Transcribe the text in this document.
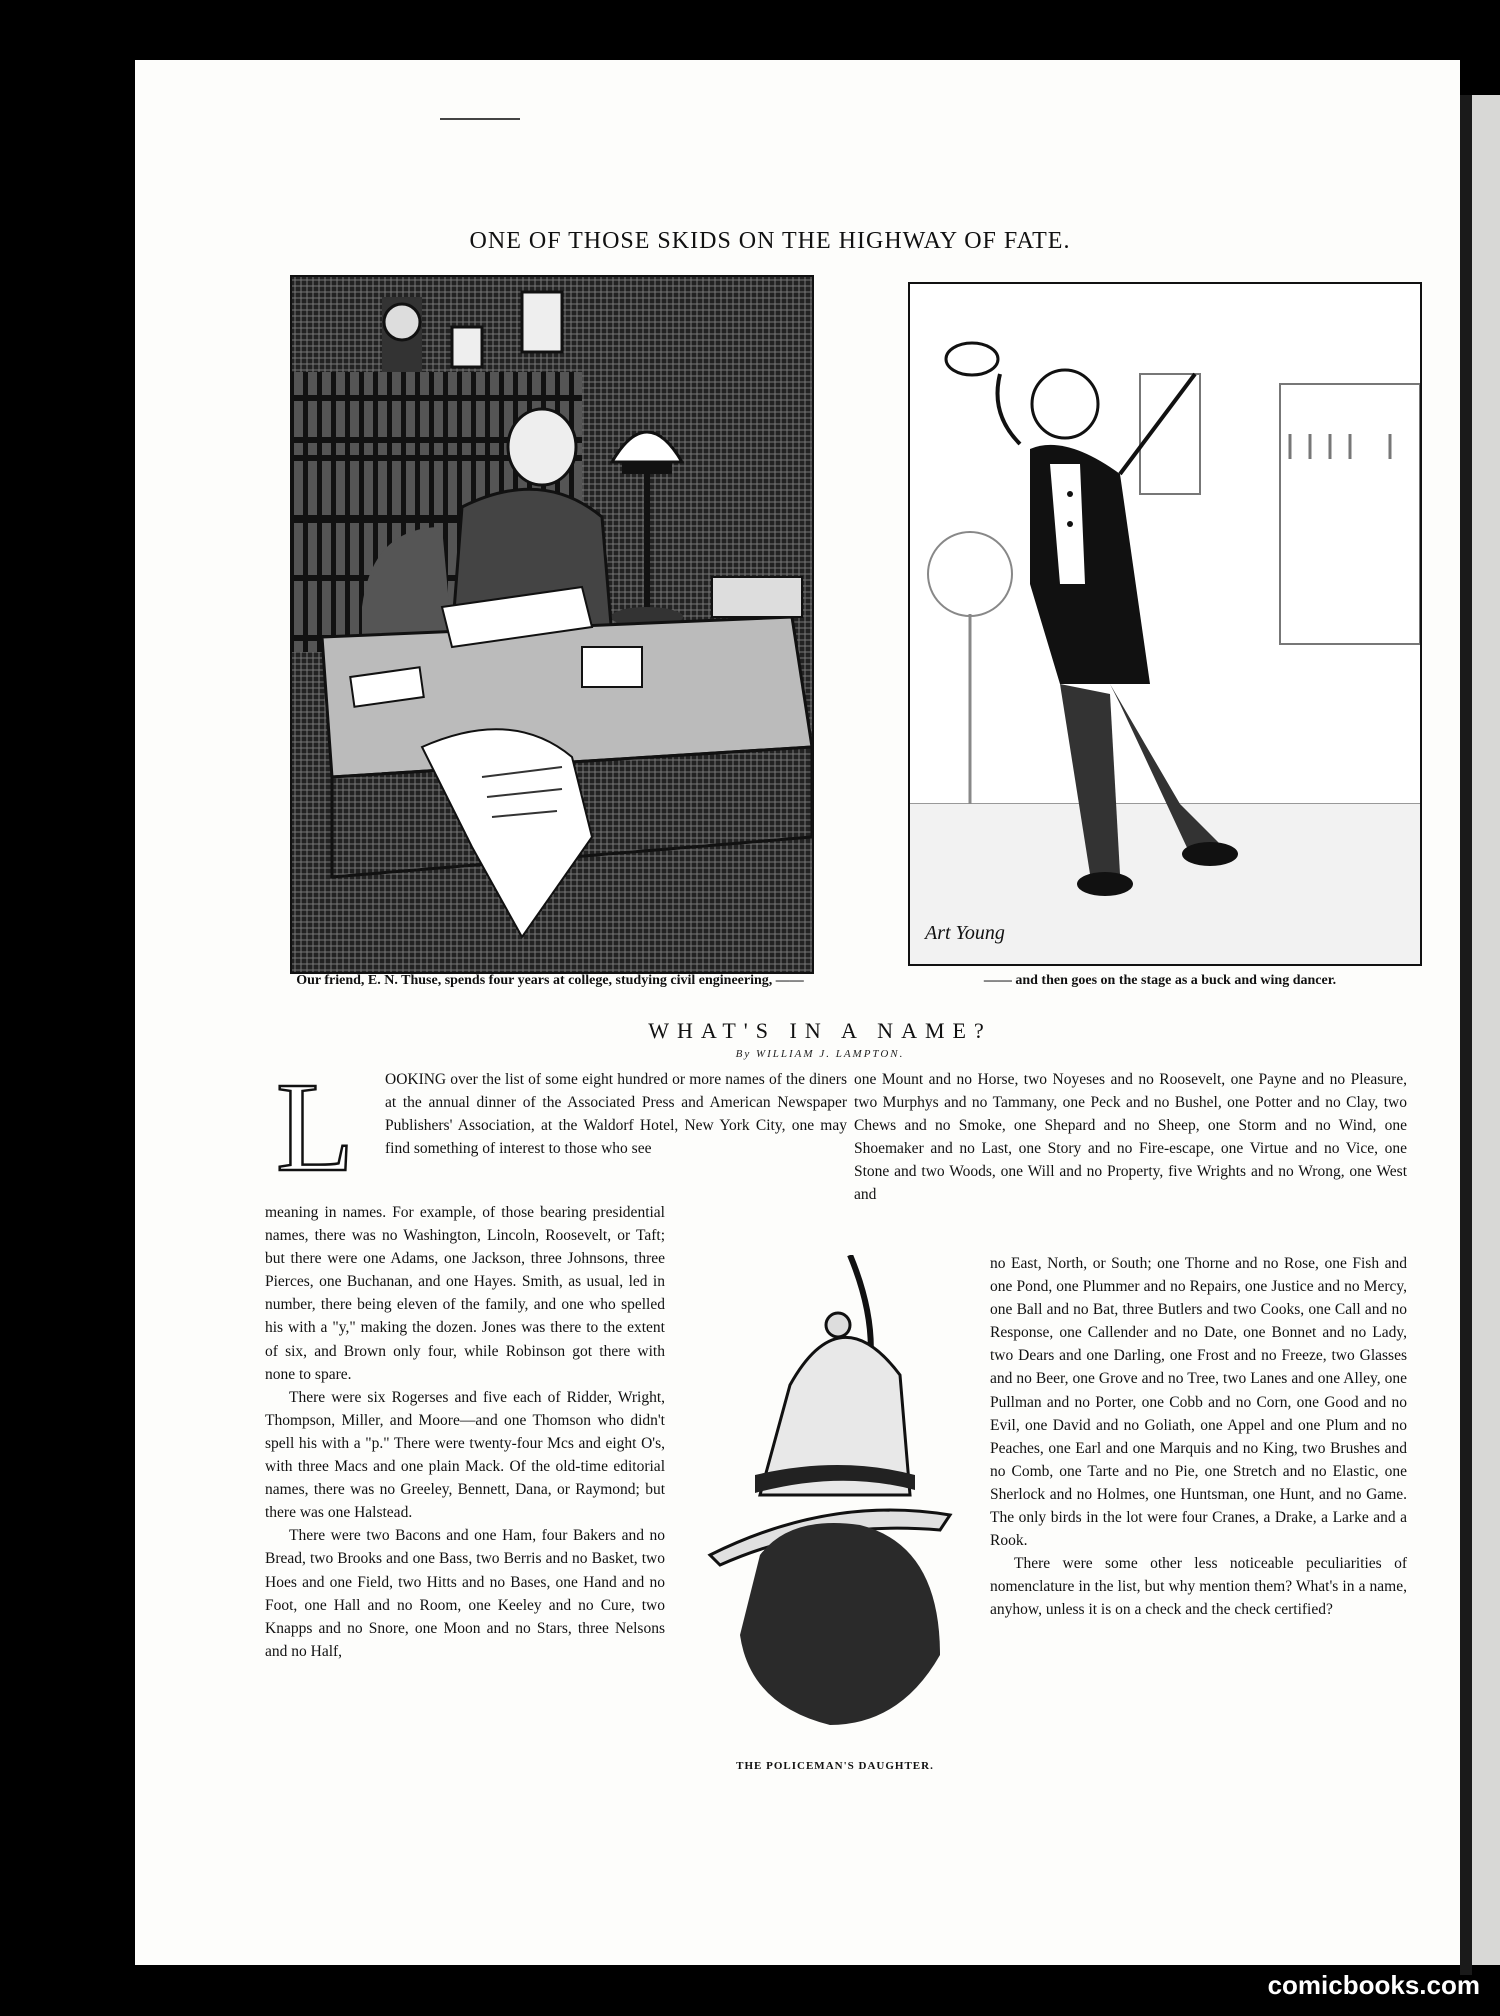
ONE OF THOSE SKIDS ON THE HIGHWAY OF FATE.
Art Young
Our friend, E. N. Thuse, spends four years at college, studying civil engineering, ——	—— and then goes on the stage as a buck and wing dancer.
WHAT'S IN A NAME?
By WILLIAM J. LAMPTON.
L OOKING over the list of some eight hundred or more names of the diners at the annual dinner of the Associated Press and American Newspaper Publishers' Association, at the Waldorf Hotel, New York City, one may find something of interest to those who see

meaning in names. For example, of those bearing presidential names, there was no Washington, Lincoln, Roosevelt, or Taft; but there were one Adams, one Jackson, three Johnsons, three Pierces, one Buchanan, and one Hayes. Smith, as usual, led in number, there being eleven of the family, and one who spelled his with a "y," making the dozen. Jones was there to the extent of six, and Brown only four, while Robinson got there with none to spare.

There were six Rogerses and five each of Ridder, Wright, Thompson, Miller, and Moore—and one Thomson who didn't spell his with a "p." There were twenty-four Mcs and eight O's, with three Macs and one plain Mack. Of the old-time editorial names, there was no Greeley, Bennett, Dana, or Raymond; but there was one Halstead.

There were two Bacons and one Ham, four Bakers and no Bread, two Brooks and one Bass, two Berris and no Basket, two Hoes and one Field, two Hitts and no Bases, one Hand and no Foot, one Hall and no Room, one Keeley and no Cure, two Knapps and no Snore, one Moon and no Stars, three Nelsons and no Half,

one Mount and no Horse, two Noyeses and no Roosevelt, one Payne and no Pleasure, two Murphys and no Tammany, one Peck and no Bushel, one Potter and no Clay, two Chews and no Smoke, one Shepard and no Sheep, one Storm and no Wind, one Shoemaker and no Last, one Story and no Fire-escape, one Virtue and no Vice, one Stone and two Woods, one Will and no Property, five Wrights and no Wrong, one West and

no East, North, or South; one Thorne and no Rose, one Fish and one Pond, one Plummer and no Repairs, one Justice and no Mercy, one Ball and no Bat, three Butlers and two Cooks, one Call and no Response, one Callender and no Date, one Bonnet and no Lady, two Dears and one Darling, one Frost and no Freeze, two Glasses and no Beer, one Grove and no Tree, two Lanes and one Alley, one Pullman and no Porter, one Cobb and no Corn, one Good and no Evil, one David and no Goliath, one Appel and one Plum and no Peaches, one Earl and one Marquis and no King, two Brushes and no Comb, one Tarte and no Pie, one Stretch and no Elastic, one Sherlock and no Holmes, one Huntsman, one Hunt, and no Game. The only birds in the lot were four Cranes, a Drake, a Larke and a Rook.

There were some other less noticeable peculiarities of nomenclature in the list, but why mention them? What's in a name, anyhow, unless it is on a check and the check certified?

THE POLICEMAN'S DAUGHTER.
comicbooks.com
